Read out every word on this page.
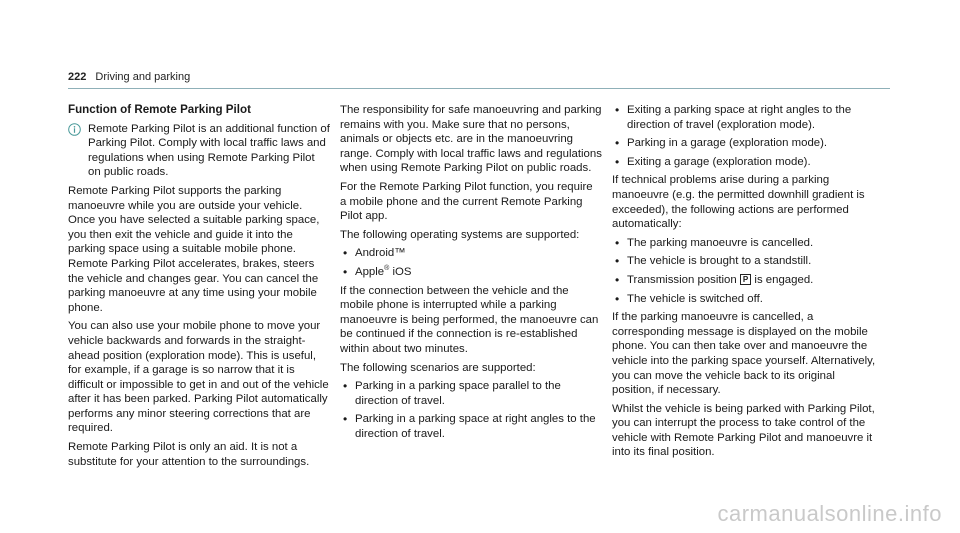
222 Driving and parking
Function of Remote Parking Pilot
Remote Parking Pilot is an additional function of Parking Pilot. Comply with local traffic laws and regulations when using Remote Parking Pilot on public roads.

Remote Parking Pilot supports the parking manoeuvre while you are outside your vehicle. Once you have selected a suitable parking space, you then exit the vehicle and guide it into the parking space using a suitable mobile phone. Remote Parking Pilot accelerates, brakes, steers the vehicle and changes gear. You can cancel the parking manoeuvre at any time using your mobile phone.

You can also use your mobile phone to move your vehicle backwards and forwards in the straight-ahead position (exploration mode). This is useful, for example, if a garage is so narrow that it is difficult or impossible to get in and out of the vehicle after it has been parked. Parking Pilot automatically performs any minor steering corrections that are required.

Remote Parking Pilot is only an aid. It is not a substitute for your attention to the surroundings.

The responsibility for safe manoeuvring and parking remains with you. Make sure that no persons, animals or objects etc. are in the manoeuvring range. Comply with local traffic laws and regulations when using Remote Parking Pilot on public roads.

For the Remote Parking Pilot function, you require a mobile phone and the current Remote Parking Pilot app.

The following operating systems are supported:

• Android™
• Apple® iOS

If the connection between the vehicle and the mobile phone is interrupted while a parking manoeuvre is being performed, the manoeuvre can be continued if the connection is re-established within about two minutes.

The following scenarios are supported:

• Parking in a parking space parallel to the direction of travel.
• Parking in a parking space at right angles to the direction of travel.
• Exiting a parking space at right angles to the direction of travel (exploration mode).
• Parking in a garage (exploration mode).
• Exiting a garage (exploration mode).

If technical problems arise during a parking manoeuvre (e.g. the permitted downhill gradient is exceeded), the following actions are performed automatically:

• The parking manoeuvre is cancelled.
• The vehicle is brought to a standstill.
• Transmission position P is engaged.
• The vehicle is switched off.

If the parking manoeuvre is cancelled, a corresponding message is displayed on the mobile phone. You can then take over and manoeuvre the vehicle into the parking space yourself. Alternatively, you can move the vehicle back to its original position, if necessary.

Whilst the vehicle is being parked with Parking Pilot, you can interrupt the process to take control of the vehicle with Remote Parking Pilot and manoeuvre it into its final position.

carmanualsonline.info
